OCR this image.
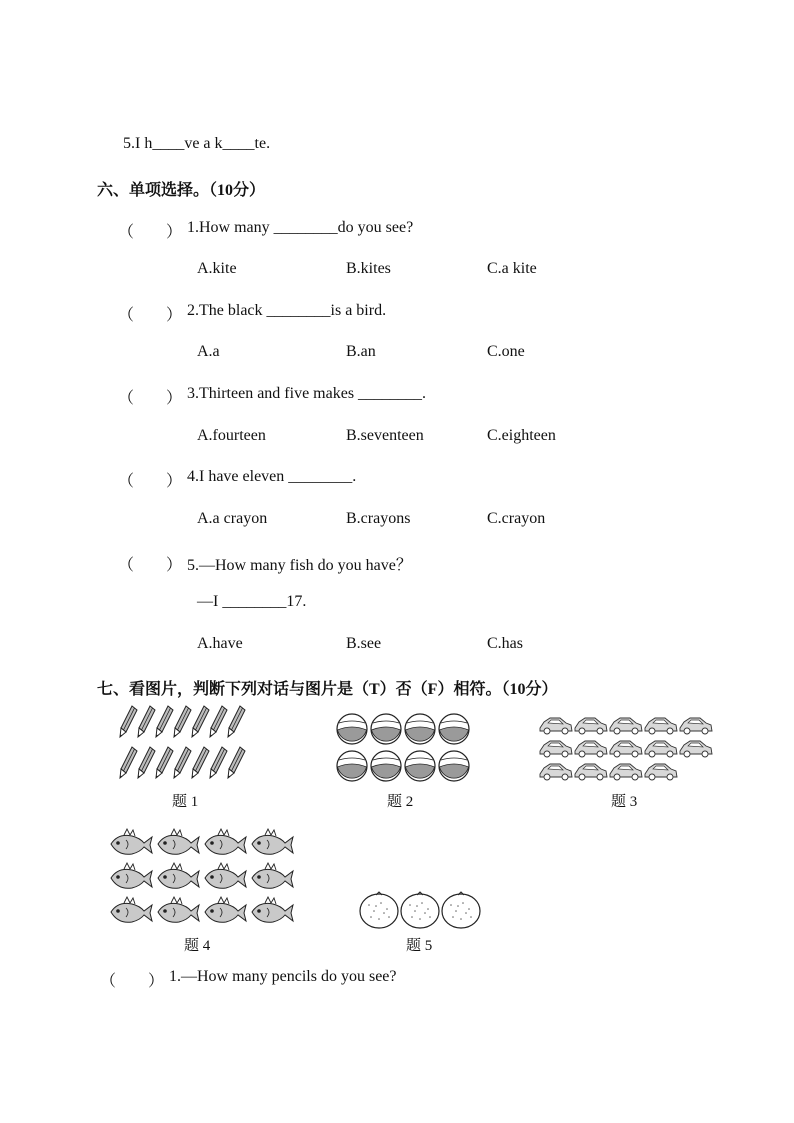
5.I h____ve a k____te.
六、单项选择。（10分）
（　　） 1.How many ________do you see?
A.kite	B.kites	C.a kite
（　　） 2.The black ________is a bird.
A.a	B.an	C.one
（　　） 3.Thirteen and five makes ________.
A.fourteen	B.seventeen	C.eighteen
（　　） 4.I have eleven ________.
A.a crayon	B.crayons	C.crayon
（　　） 5.—How many fish do you have？
—I ________17.
A.have	B.see	C.has
七、看图片，判断下列对话与图片是（T）否（F）相符。（10分）
题 1	题 2	题 3
题 4	题 5
（　　） 1.—How many pencils do you see?
